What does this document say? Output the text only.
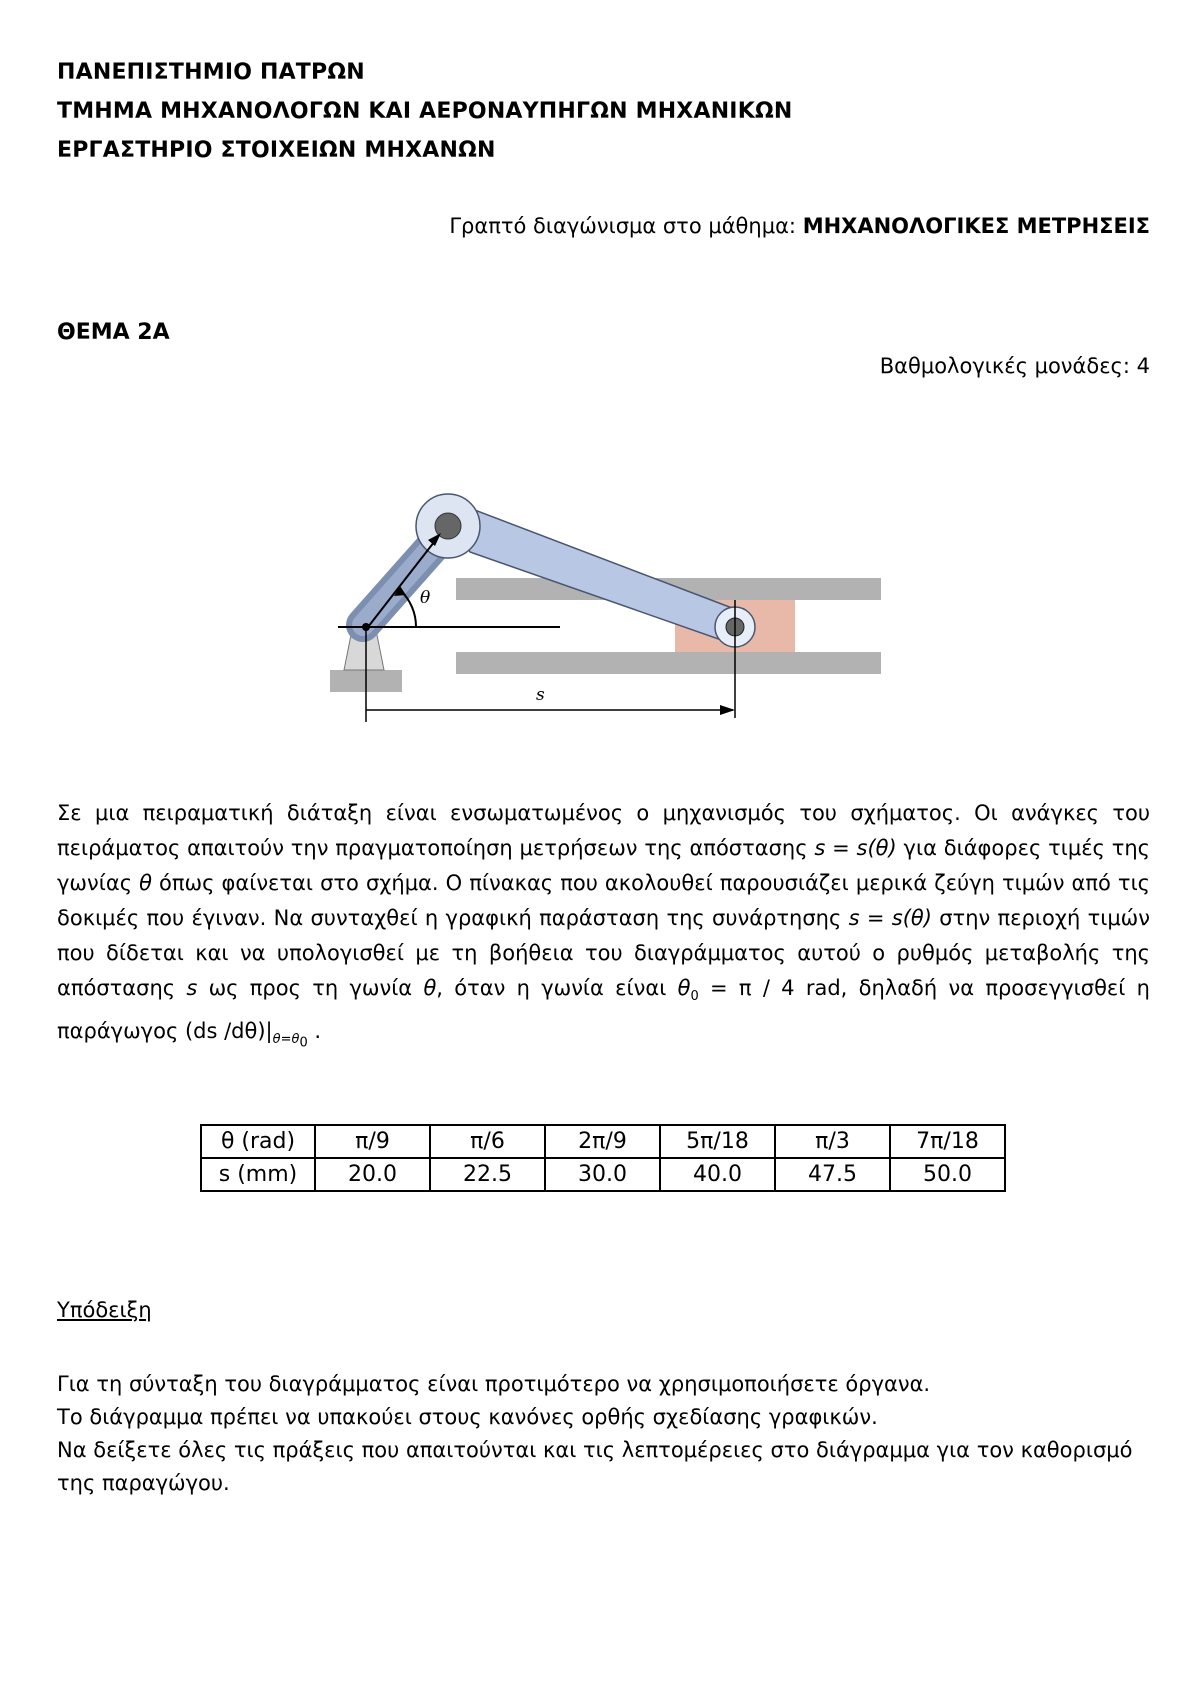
ΠΑΝΕΠΙΣΤΗΜΙΟ ΠΑΤΡΩΝ
ΤΜΗΜΑ ΜΗΧΑΝΟΛΟΓΩΝ ΚΑΙ ΑΕΡΟΝΑΥΠΗΓΩΝ ΜΗΧΑΝΙΚΩΝ
ΕΡΓΑΣΤΗΡΙΟ ΣΤΟΙΧΕΙΩΝ ΜΗΧΑΝΩΝ
Γραπτό διαγώνισμα στο μάθημα: ΜΗΧΑΝΟΛΟΓΙΚΕΣ ΜΕΤΡΗΣΕΙΣ
ΘΕΜΑ 2Α
Βαθμολογικές μονάδες: 4
θ
s
Σε μια πειραματική διάταξη είναι ενσωματωμένος ο μηχανισμός του σχήματος. Οι ανάγκες του πειράματος απαιτούν την πραγματοποίηση μετρήσεων της απόστασης s = s(θ) για διάφορες τιμές της γωνίας θ όπως φαίνεται στο σχήμα. Ο πίνακας που ακολουθεί παρουσιάζει μερικά ζεύγη τιμών από τις δοκιμές που έγιναν. Να συνταχθεί η γραφική παράσταση της συνάρτησης s = s(θ) στην περιοχή τιμών που δίδεται και να υπολογισθεί με τη βοήθεια του διαγράμματος αυτού ο ρυθμός μεταβολής της απόστασης s ως προς τη γωνία θ, όταν η γωνία είναι $\theta_0 = \pi / 4$ rad, δηλαδή να προσεγγισθεί η παράγωγος (ds $/d\theta)|_{\theta=\theta_0}$ .
θ (rad)	π/9	π/6	2π/9	5π/18	π/3	7π/18
s (mm)	20.0	22.5	30.0	40.0	47.5	50.0
Υπόδειξη
Για τη σύνταξη του διαγράμματος είναι προτιμότερο να χρησιμοποιήσετε όργανα.
Το διάγραμμα πρέπει να υπακούει στους κανόνες ορθής σχεδίασης γραφικών.
Να δείξετε όλες τις πράξεις που απαιτούνται και τις λεπτομέρειες στο διάγραμμα για τον καθορισμό της παραγώγου.
